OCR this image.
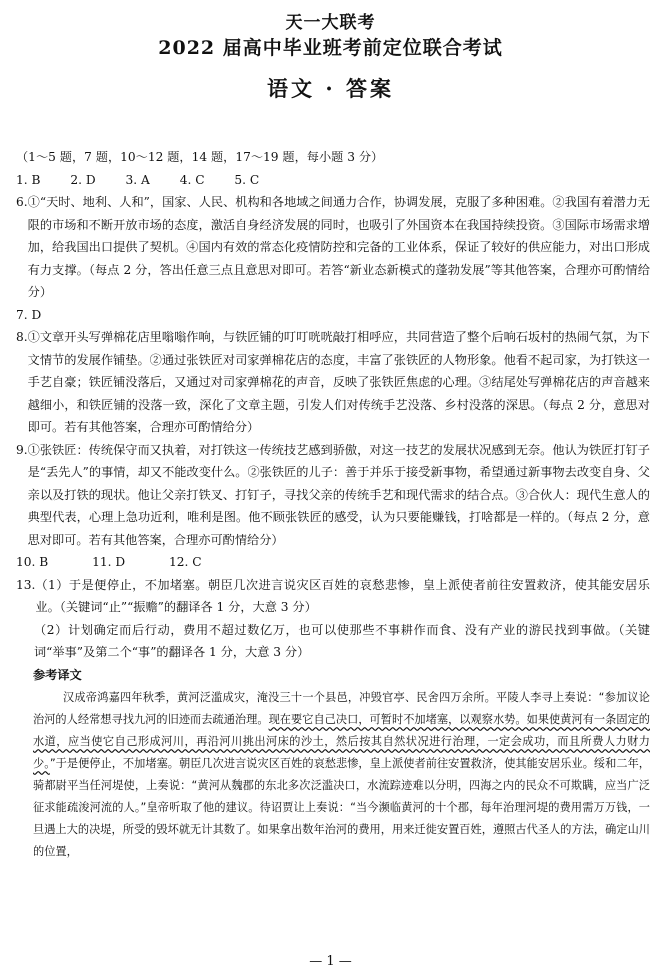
天一大联考
2022 届高中毕业班考前定位联合考试
语文 · 答案
（1～5 题，7 题，10～12 题，14 题，17～19 题，每小题 3 分）
1. B 2. D 3. A 4. C 5. C
6. ①“天时、地利、人和”，国家、人民、机构和各地域之间通力合作，协调发展，克服了多种困难。②我国有着潜力无限的市场和不断开放市场的态度，激活自身经济发展的同时，也吸引了外国资本在我国持续投资。③国际市场需求增加，给我国出口提供了契机。④国内有效的常态化疫情防控和完备的工业体系，保证了较好的供应能力，对出口形成有力支撑。（每点 2 分，答出任意三点且意思对即可。若答“新业态新模式的蓬勃发展”等其他答案，合理亦可酌情给分）
7. D
8. ①文章开头写弹棉花店里嗡嗡作响，与铁匠铺的叮叮咣咣敲打相呼应，共同营造了整个后响石坂村的热闹气氛，为下文情节的发展作铺垫。②通过张铁匠对司家弹棉花店的态度，丰富了张铁匠的人物形象。他看不起司家，为打铁这一手艺自豪；铁匠铺没落后，又通过对司家弹棉花的声音，反映了张铁匠焦虑的心理。③结尾处写弹棉花店的声音越来越细小，和铁匠铺的没落一致，深化了文章主题，引发人们对传统手艺没落、乡村没落的深思。（每点 2 分，意思对即可。若有其他答案，合理亦可酌情给分）
9. ①张铁匠：传统保守而又执着，对打铁这一传统技艺感到骄傲，对这一技艺的发展状况感到无奈。他认为铁匠打钉子是“丢先人”的事情，却又不能改变什么。②张铁匠的儿子：善于并乐于接受新事物，希望通过新事物去改变自身、父亲以及打铁的现状。他让父亲打铁叉、打钉子，寻找父亲的传统手艺和现代需求的结合点。③合伙人：现代生意人的典型代表，心理上急功近利，唯利是图。他不顾张铁匠的感受，认为只要能赚钱，打啥都是一样的。（每点 2 分，意思对即可。若有其他答案，合理亦可酌情给分）
10. B	11. D	12. C
13. （1）于是便停止，不加堵塞。朝臣几次进言说灾区百姓的哀愁悲惨，皇上派使者前往安置救济，使其能安居乐业。（关键词“止”“振赡”的翻译各 1 分，大意 3 分）
（2）计划确定而后行动，费用不超过数亿万，也可以使那些不事耕作而食、没有产业的游民找到事做。（关键词“举事”及第二个“事”的翻译各 1 分，大意 3 分）
参考译文
汉成帝鸿嘉四年秋季，黄河泛滥成灾，淹没三十一个县邑，冲毁官亭、民舍四万余所。平陵人李寻上奏说：“参加议论治河的人经常想寻找九河的旧迹而去疏通治理。现在要它自己决口，可暂时不加堵塞，以观察水势。如果使黄河有一条固定的水道，应当使它自己形成河川，再沿河川挑出河床的沙土，然后按其自然状况进行治理，一定会成功，而且所费人力财力少。”于是便停止，不加堵塞。朝臣几次进言说灾区百姓的哀愁悲惨，皇上派使者前往安置救济，使其能安居乐业。绥和二年，骑都尉平当任河堤使，上奏说：“黄河从魏郡的东北多次泛滥决口，水流踪迹难以分明，四海之内的民众不可欺瞒，应当广泛征求能疏浚河流的人。”皇帝听取了他的建议。待诏贾让上奏说：“当今濒临黄河的十个郡，每年治理河堤的费用需万万钱，一旦遇上大的决堤，所受的毁坏就无计其数了。如果拿出数年治河的费用，用来迁徙安置百姓，遵照古代圣人的方法，确定山川的位置，
— 1 —
